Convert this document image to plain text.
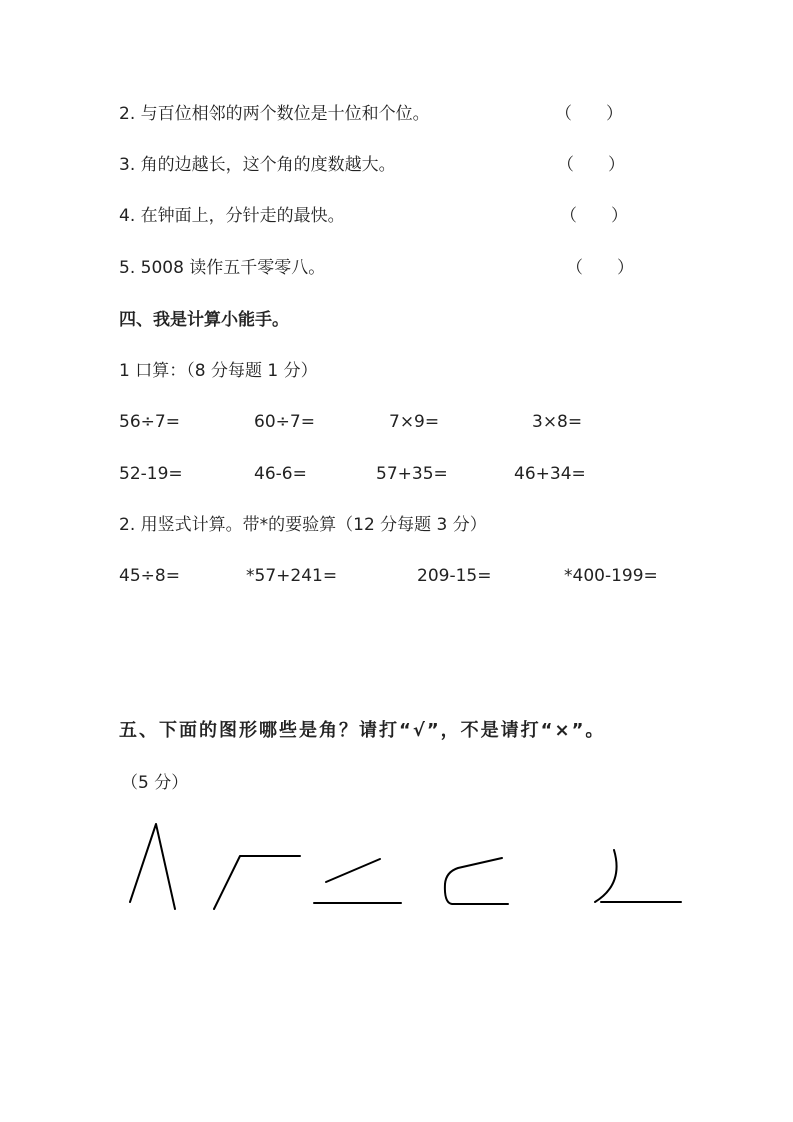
2. 与百位相邻的两个数位是十位和个位。	（　　）
3. 角的边越长，这个角的度数越大。	（　　）
4. 在钟面上，分针走的最快。	（　　）
5. 5008 读作五千零零八。	（　　）
四、我是计算小能手。
1 口算：（8 分每题 1 分）
56÷7=	60÷7=	7×9=	3×8=
52-19=	46-6=	57+35=	46+34=
2. 用竖式计算。带*的要验算（12 分每题 3 分）
45÷8=	*57+241=	209-15=	*400-199=
五、下面的图形哪些是角？请打“√”，不是请打“×”。
（5 分）
